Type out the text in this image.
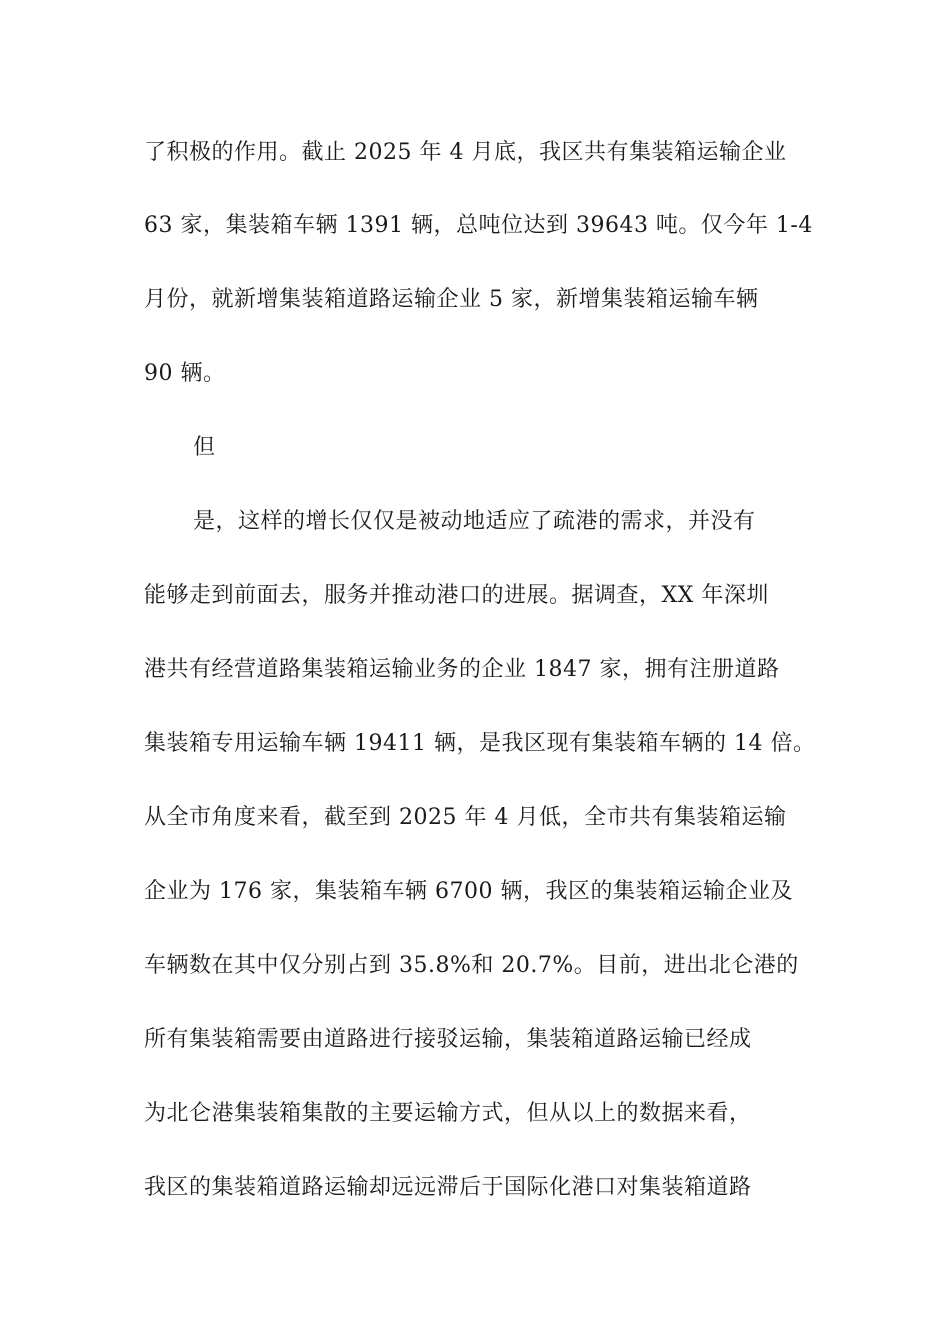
了积极的作用。截止 2025 年 4 月底，我区共有集装箱运输企业
63 家，集装箱车辆 1391 辆，总吨位达到 39643 吨。仅今年 1-4
月份，就新增集装箱道路运输企业 5 家，新增集装箱运输车辆
90 辆。
但
是，这样的增长仅仅是被动地适应了疏港的需求，并没有
能够走到前面去，服务并推动港口的进展。据调查，XX 年深圳
港共有经营道路集装箱运输业务的企业 1847 家，拥有注册道路
集装箱专用运输车辆 19411 辆，是我区现有集装箱车辆的 14 倍。
从全市角度来看，截至到 2025 年 4 月低，全市共有集装箱运输
企业为 176 家，集装箱车辆 6700 辆，我区的集装箱运输企业及
车辆数在其中仅分别占到 35.8%和 20.7%。目前，进出北仑港的
所有集装箱需要由道路进行接驳运输，集装箱道路运输已经成
为北仑港集装箱集散的主要运输方式，但从以上的数据来看，
我区的集装箱道路运输却远远滞后于国际化港口对集装箱道路
